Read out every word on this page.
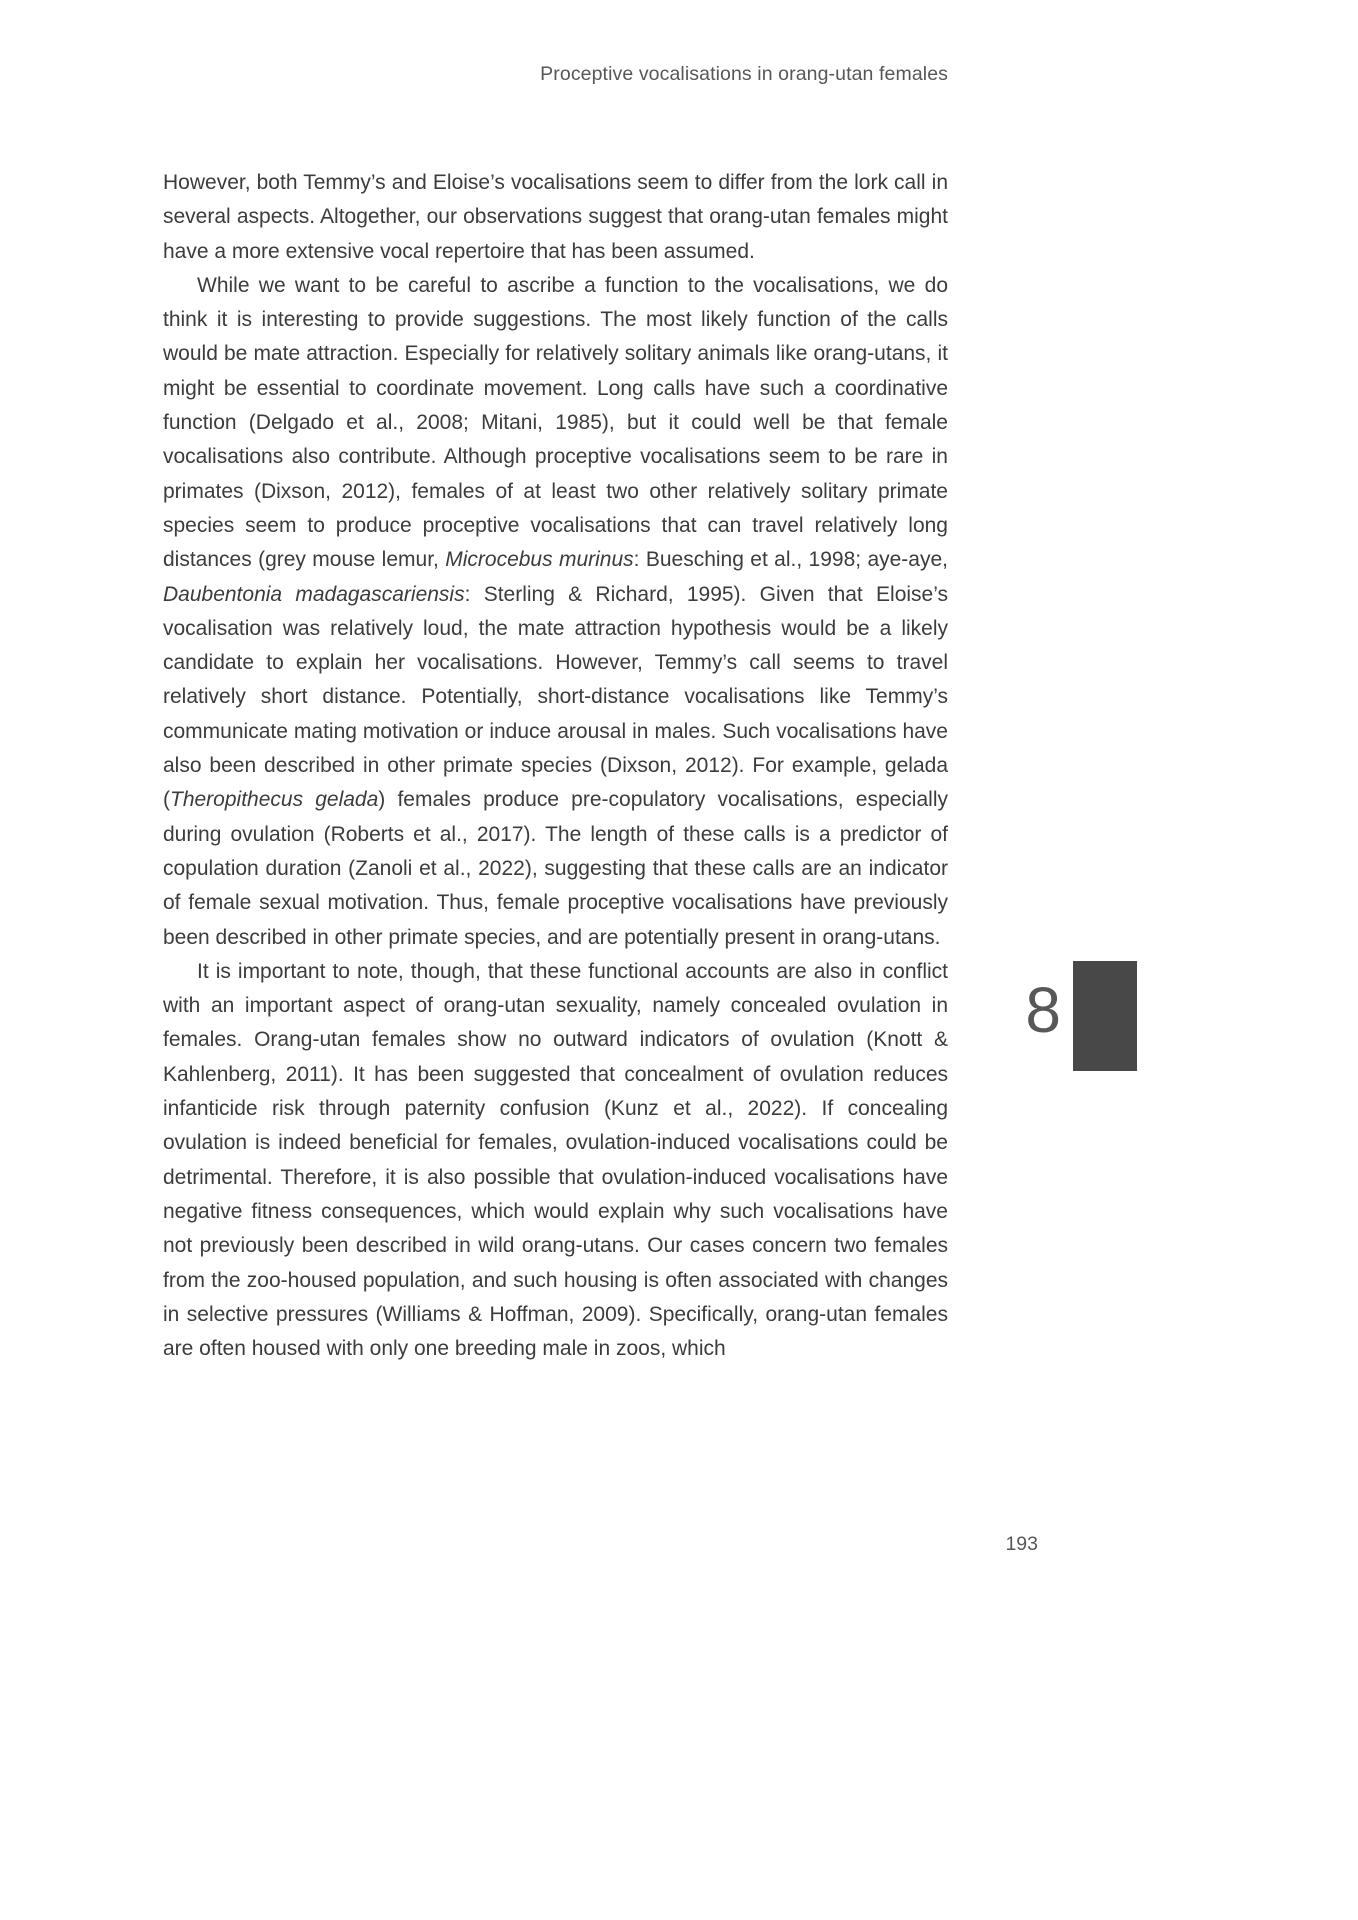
Proceptive vocalisations in orang-utan females

However, both Temmy’s and Eloise’s vocalisations seem to differ from the lork call in several aspects. Altogether, our observations suggest that orang-utan females might have a more extensive vocal repertoire that has been assumed.

While we want to be careful to ascribe a function to the vocalisations, we do think it is interesting to provide suggestions. The most likely function of the calls would be mate attraction. Especially for relatively solitary animals like orang-utans, it might be essential to coordinate movement. Long calls have such a coordinative function (Delgado et al., 2008; Mitani, 1985), but it could well be that female vocalisations also contribute. Although proceptive vocalisations seem to be rare in primates (Dixson, 2012), females of at least two other relatively solitary primate species seem to produce proceptive vocalisations that can travel relatively long distances (grey mouse lemur, Microcebus murinus: Buesching et al., 1998; aye-aye, Daubentonia madagascariensis: Sterling & Richard, 1995). Given that Eloise’s vocalisation was relatively loud, the mate attraction hypothesis would be a likely candidate to explain her vocalisations. However, Temmy’s call seems to travel relatively short distance. Potentially, short-distance vocalisations like Temmy’s communicate mating motivation or induce arousal in males. Such vocalisations have also been described in other primate species (Dixson, 2012). For example, gelada (Theropithecus gelada) females produce pre-copulatory vocalisations, especially during ovulation (Roberts et al., 2017). The length of these calls is a predictor of copulation duration (Zanoli et al., 2022), suggesting that these calls are an indicator of female sexual motivation. Thus, female proceptive vocalisations have previously been described in other primate species, and are potentially present in orang-utans.

It is important to note, though, that these functional accounts are also in conflict with an important aspect of orang-utan sexuality, namely concealed ovulation in females. Orang-utan females show no outward indicators of ovulation (Knott & Kahlenberg, 2011). It has been suggested that concealment of ovulation reduces infanticide risk through paternity confusion (Kunz et al., 2022). If concealing ovulation is indeed beneficial for females, ovulation-induced vocalisations could be detrimental. Therefore, it is also possible that ovulation-induced vocalisations have negative fitness consequences, which would explain why such vocalisations have not previously been described in wild orang-utans. Our cases concern two females from the zoo-housed population, and such housing is often associated with changes in selective pressures (Williams & Hoffman, 2009). Specifically, orang-utan females are often housed with only one breeding male in zoos, which

8
193
